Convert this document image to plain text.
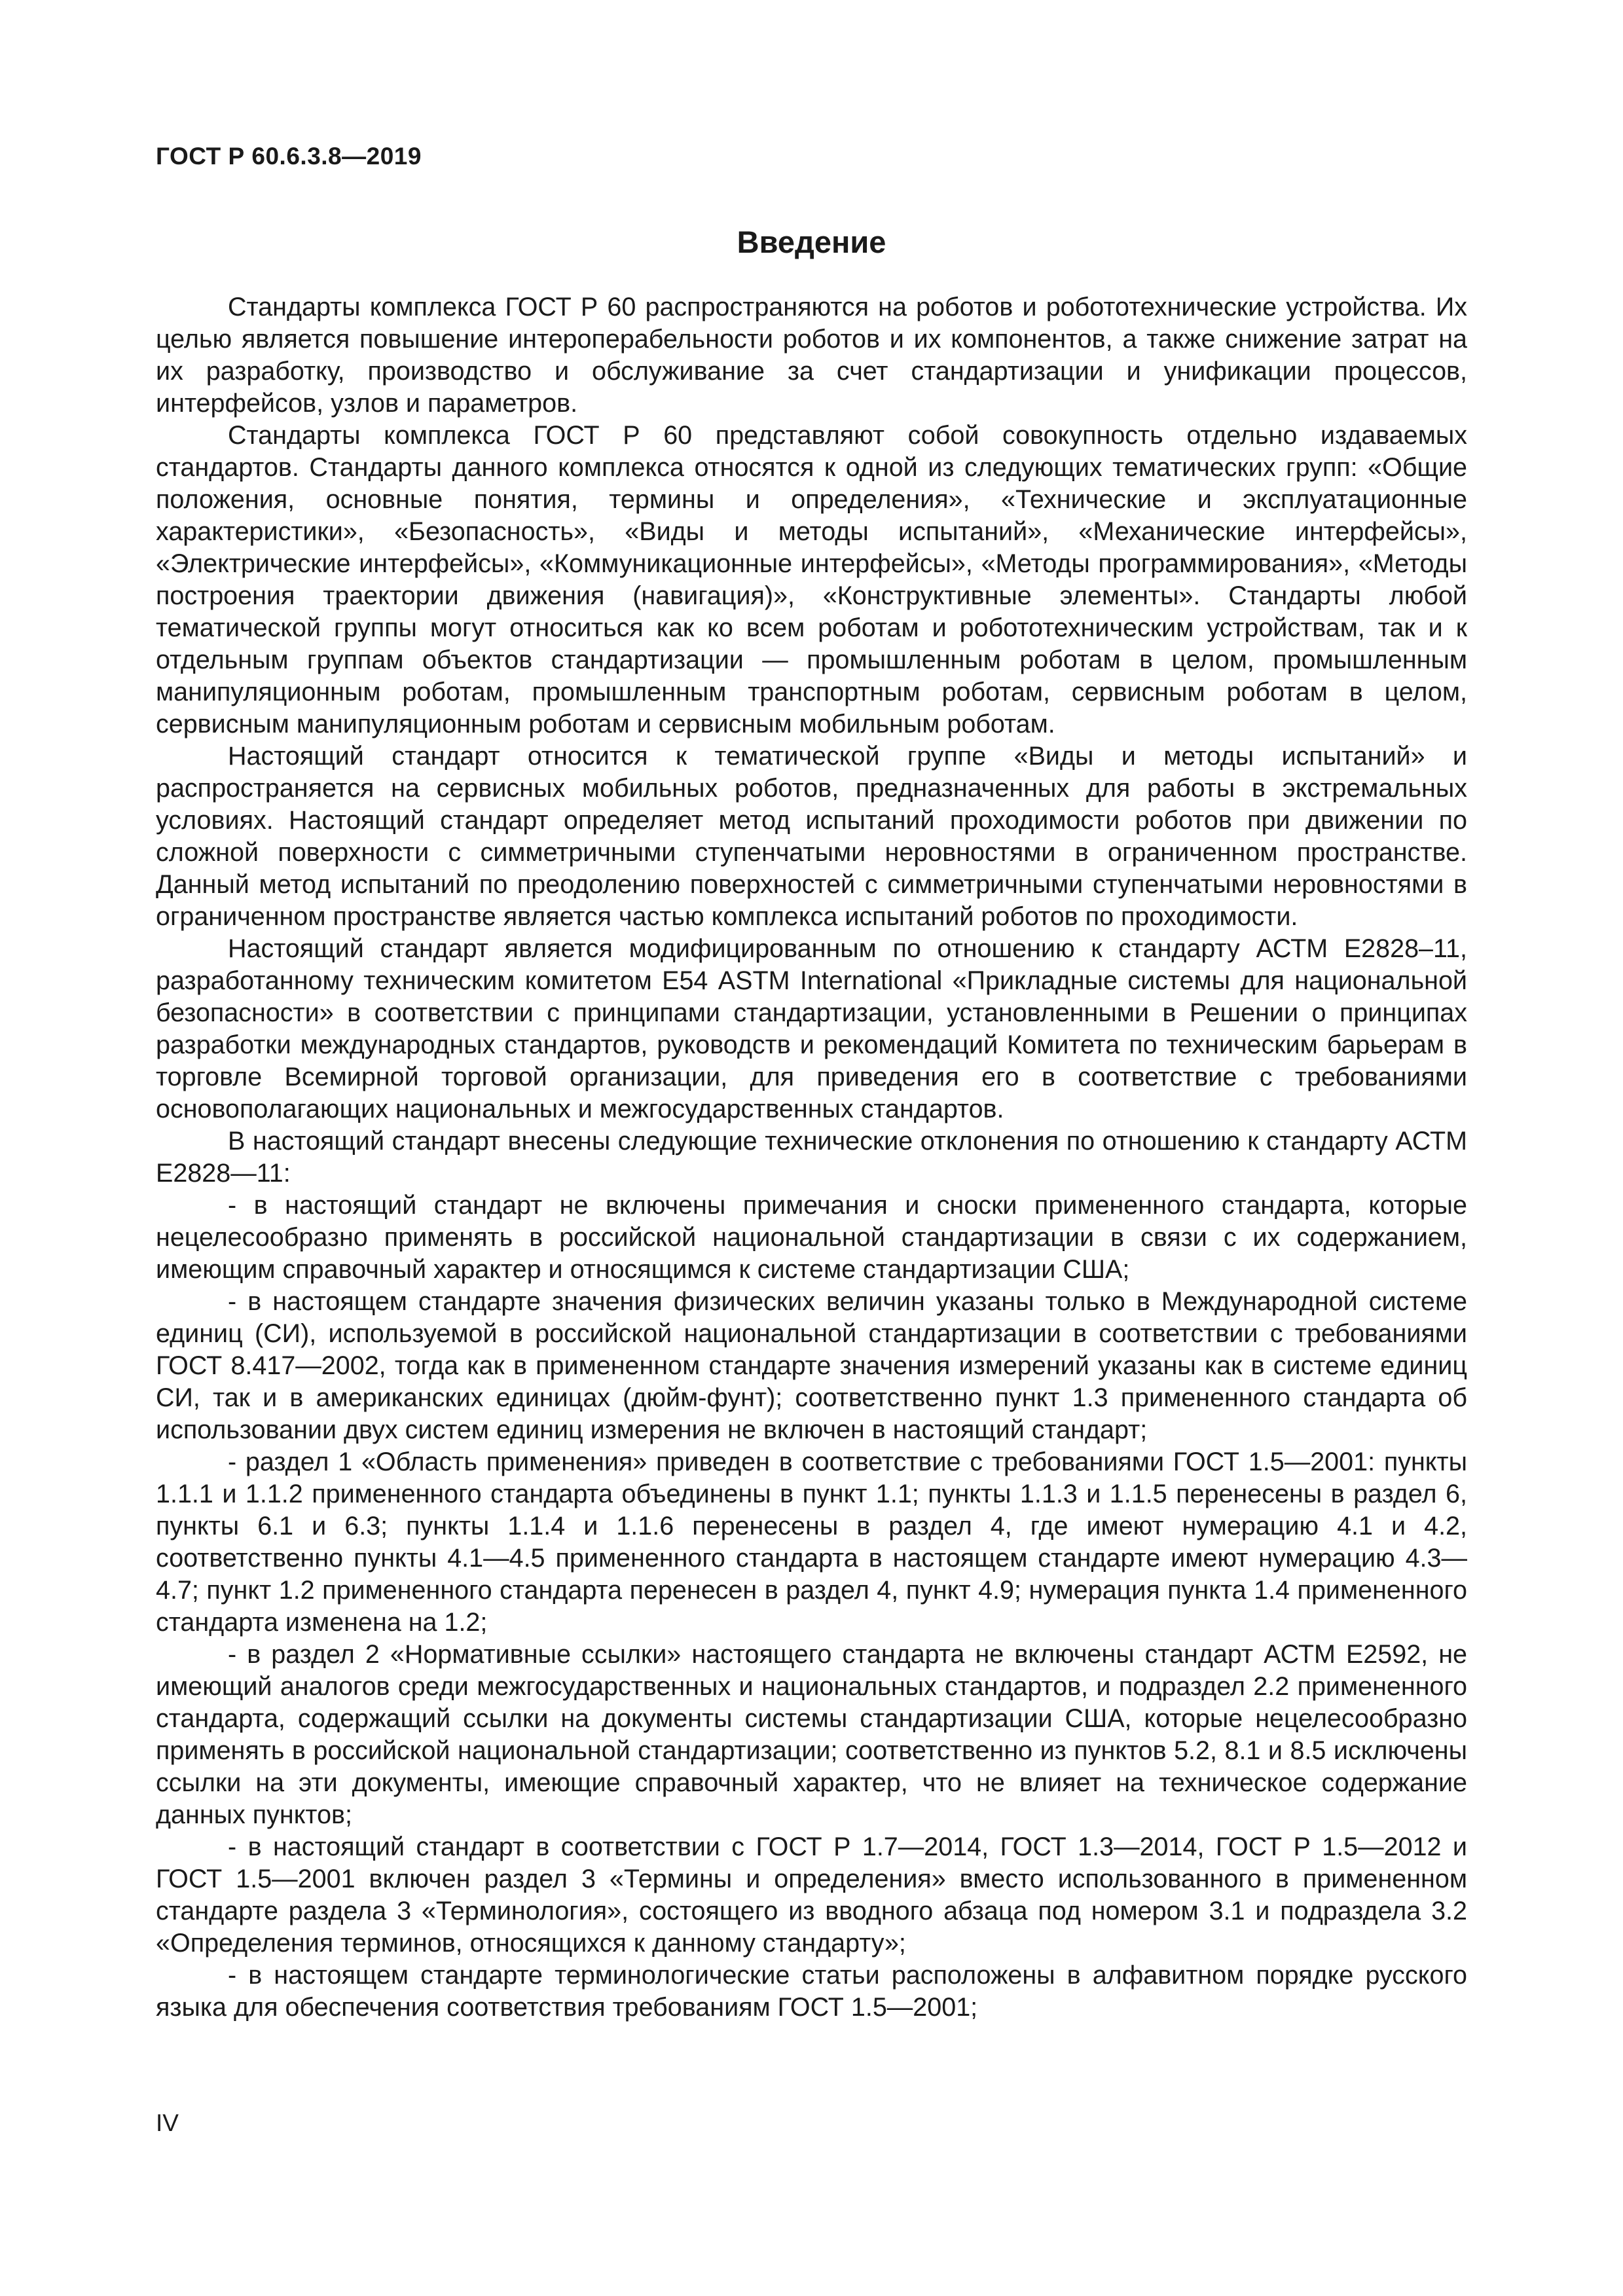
ГОСТ Р 60.6.3.8—2019
Введение

Стандарты комплекса ГОСТ Р 60 распространяются на роботов и робототехнические устройства. Их целью является повышение интероперабельности роботов и их компонентов, а также снижение затрат на их разработку, производство и обслуживание за счет стандартизации и унификации процессов, интерфейсов, узлов и параметров.

Стандарты комплекса ГОСТ Р 60 представляют собой совокупность отдельно издаваемых стандартов. Стандарты данного комплекса относятся к одной из следующих тематических групп: «Общие положения, основные понятия, термины и определения», «Технические и эксплуатационные характеристики», «Безопасность», «Виды и методы испытаний», «Механические интерфейсы», «Электрические интерфейсы», «Коммуникационные интерфейсы», «Методы программирования», «Методы построения траектории движения (навигация)», «Конструктивные элементы». Стандарты любой тематической группы могут относиться как ко всем роботам и робототехническим устройствам, так и к отдельным группам объектов стандартизации — промышленным роботам в целом, промышленным манипуляционным роботам, промышленным транспортным роботам, сервисным роботам в целом, сервисным манипуляционным роботам и сервисным мобильным роботам.

Настоящий стандарт относится к тематической группе «Виды и методы испытаний» и распространяется на сервисных мобильных роботов, предназначенных для работы в экстремальных условиях. Настоящий стандарт определяет метод испытаний проходимости роботов при движении по сложной поверхности с симметричными ступенчатыми неровностями в ограниченном пространстве. Данный метод испытаний по преодолению поверхностей с симметричными ступенчатыми неровностями в ограниченном пространстве является частью комплекса испытаний роботов по проходимости.

Настоящий стандарт является модифицированным по отношению к стандарту АСТМ Е2828–11, разработанному техническим комитетом Е54 ASTM International «Прикладные системы для национальной безопасности» в соответствии с принципами стандартизации, установленными в Решении о принципах разработки международных стандартов, руководств и рекомендаций Комитета по техническим барьерам в торговле Всемирной торговой организации, для приведения его в соответствие с требованиями основополагающих национальных и межгосударственных стандартов.

В настоящий стандарт внесены следующие технические отклонения по отношению к стандарту АСТМ Е2828—11:

- в настоящий стандарт не включены примечания и сноски примененного стандарта, которые нецелесообразно применять в российской национальной стандартизации в связи с их содержанием, имеющим справочный характер и относящимся к системе стандартизации США;

- в настоящем стандарте значения физических величин указаны только в Международной системе единиц (СИ), используемой в российской национальной стандартизации в соответствии с требованиями ГОСТ 8.417—2002, тогда как в примененном стандарте значения измерений указаны как в системе единиц СИ, так и в американских единицах (дюйм-фунт); соответственно пункт 1.3 примененного стандарта об использовании двух систем единиц измерения не включен в настоящий стандарт;

- раздел 1 «Область применения» приведен в соответствие с требованиями ГОСТ 1.5—2001: пункты 1.1.1 и 1.1.2 примененного стандарта объединены в пункт 1.1; пункты 1.1.3 и 1.1.5 перенесены в раздел 6, пункты 6.1 и 6.3; пункты 1.1.4 и 1.1.6 перенесены в раздел 4, где имеют нумерацию 4.1 и 4.2, соответственно пункты 4.1—4.5 примененного стандарта в настоящем стандарте имеют нумерацию 4.3—4.7; пункт 1.2 примененного стандарта перенесен в раздел 4, пункт 4.9; нумерация пункта 1.4 примененного стандарта изменена на 1.2;

- в раздел 2 «Нормативные ссылки» настоящего стандарта не включены стандарт АСТМ Е2592, не имеющий аналогов среди межгосударственных и национальных стандартов, и подраздел 2.2 примененного стандарта, содержащий ссылки на документы системы стандартизации США, которые нецелесообразно применять в российской национальной стандартизации; соответственно из пунктов 5.2, 8.1 и 8.5 исключены ссылки на эти документы, имеющие справочный характер, что не влияет на техническое содержание данных пунктов;

- в настоящий стандарт в соответствии с ГОСТ Р 1.7—2014, ГОСТ 1.3—2014, ГОСТ Р 1.5—2012 и ГОСТ 1.5—2001 включен раздел 3 «Термины и определения» вместо использованного в примененном стандарте раздела 3 «Терминология», состоящего из вводного абзаца под номером 3.1 и подраздела 3.2 «Определения терминов, относящихся к данному стандарту»;

- в настоящем стандарте терминологические статьи расположены в алфавитном порядке русского языка для обеспечения соответствия требованиям ГОСТ 1.5—2001;

IV
